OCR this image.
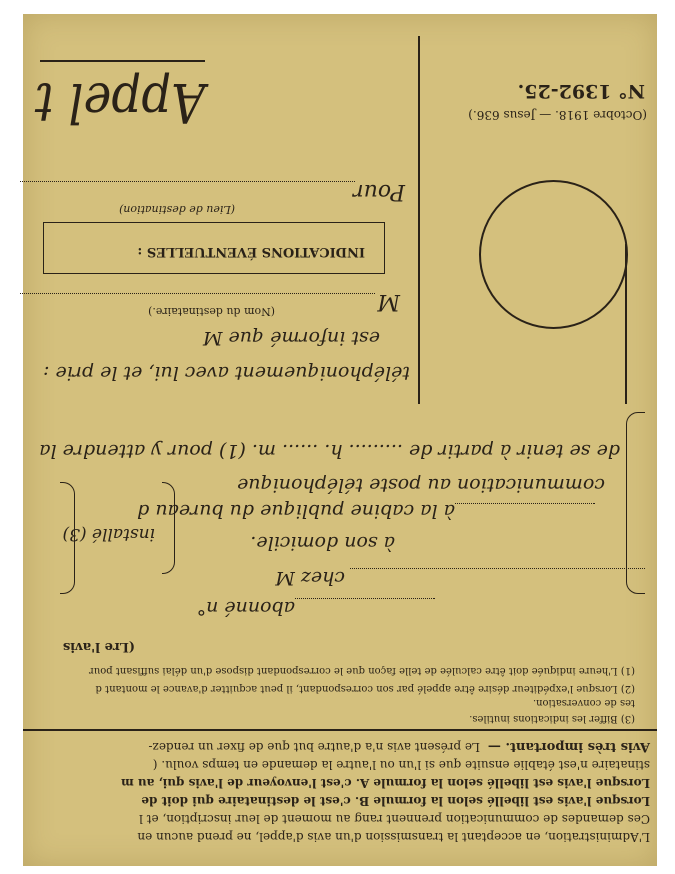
N° 1392-25.
(Octobre 1918. — Jesus 636.)
Appel t
Pour
(Lieu de destination)
INDICATIONS ÉVENTUELLES :
M
(Nom du destinataire.)
est informé que M
téléphoniquement avec lui, et le prie :
de se tenir à partir de ......... h. ...... m. (1) pour y attendre la
communication au poste téléphonique
installé (3)
à la cabine publique du bureau d
à son domicile.
chez M
abonné n°
(Lre l'avis
(1) L'heure indiquée doit être calculée de telle façon que le correspondant dispose d'un délai suffisant pour
(2) Lorsque l'expéditeur désire être appelé par son correspondant, il peut acquitter d'avance le montant d
tes de conversation.
(3) Biffer les indications inutiles.
Avis très important. —
Le présent avis n'a d'autre but que de fixer un rendez-
stinataire n'est établie ensuite que si l'un ou l'autre la demande en temps voulu. (
Lorsque l'avis est libellé selon la formule A. c'est l'envoyeur de l'avis qui, au m
Lorsque l'avis est libellé selon la formule B. c'est le destinataire qui doit de
Ces demandes de communication prennent rang au moment de leur inscription, et l
L'Administration, en acceptant la transmission d'un avis d'appel, ne prend aucun en
